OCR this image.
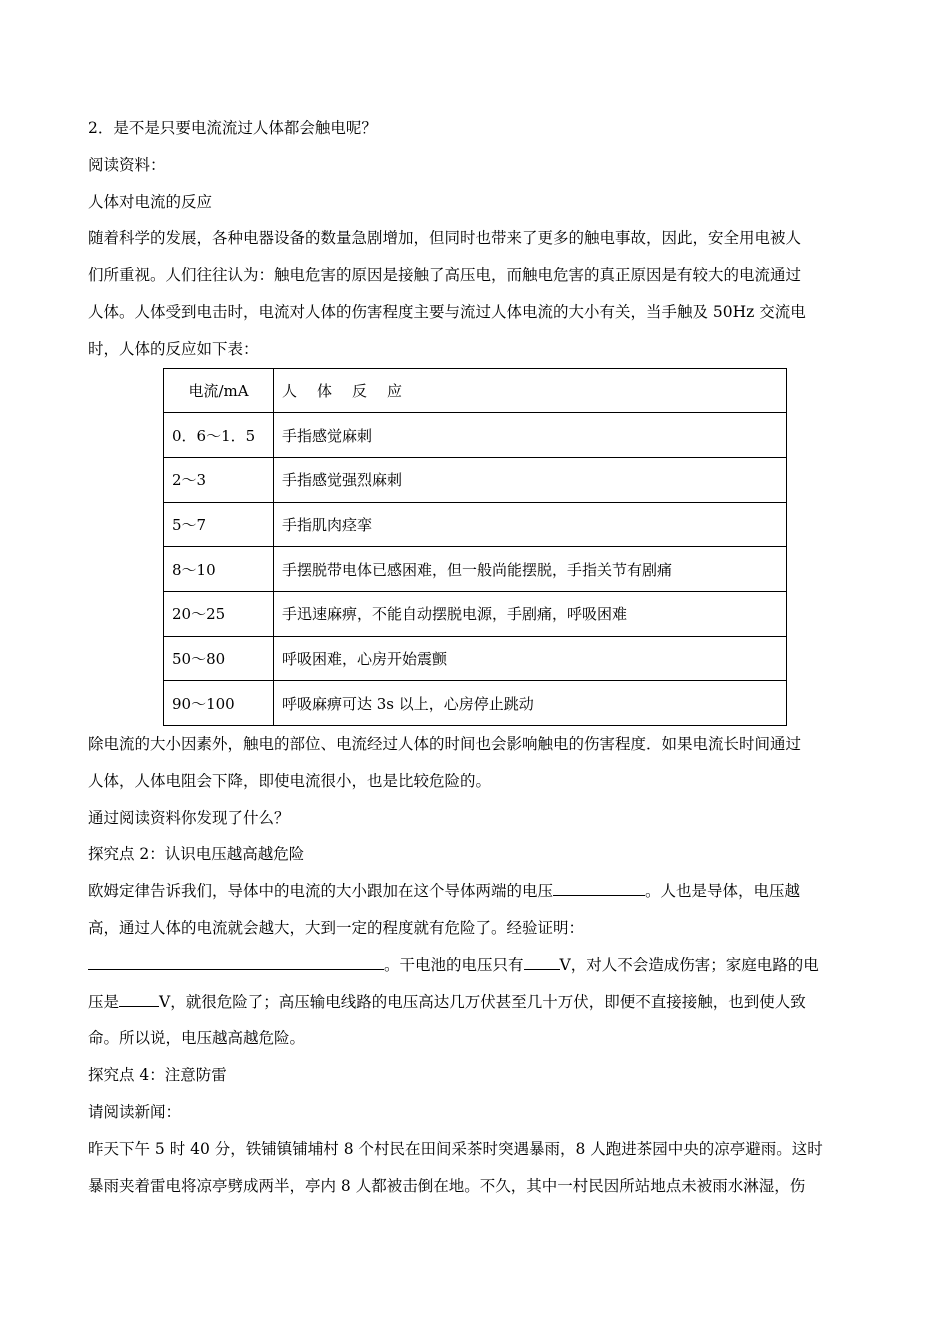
2．是不是只要电流流过人体都会触电呢？
阅读资料：
人体对电流的反应
随着科学的发展，各种电器设备的数量急剧增加，但同时也带来了更多的触电事故，因此，安全用电被人
们所重视。人们往往认为：触电危害的原因是接触了高压电，而触电危害的真正原因是有较大的电流通过
人体。人体受到电击时，电流对人体的伤害程度主要与流过人体电流的大小有关，当手触及 50Hz 交流电
时，人体的反应如下表：
电流/mA	人体反应
0．6～1．5	手指感觉麻刺
2～3	手指感觉强烈麻刺
5～7	手指肌肉痉挛
8～10	手摆脱带电体已感困难，但一般尚能摆脱，手指关节有剧痛
20～25	手迅速麻痹，不能自动摆脱电源，手剧痛，呼吸困难
50～80	呼吸困难，心房开始震颤
90～100	呼吸麻痹可达 3s 以上，心房停止跳动
除电流的大小因素外，触电的部位、电流经过人体的时间也会影响触电的伤害程度．如果电流长时间通过
人体，人体电阻会下降，即使电流很小，也是比较危险的。
通过阅读资料你发现了什么？
探究点 2：认识电压越高越危险
欧姆定律告诉我们，导体中的电流的大小跟加在这个导体两端的电压	。人也是导体，电压越
高，通过人体的电流就会越大，大到一定的程度就有危险了。经验证明：
。干电池的电压只有 V，对人不会造成伤害；家庭电路的电
压是	V，就很危险了；高压输电线路的电压高达几万伏甚至几十万伏，即便不直接接触，也到使人致
命。所以说，电压越高越危险。
探究点 4：注意防雷
请阅读新闻：
昨天下午 5 时 40 分，铁铺镇铺埔村 8 个村民在田间采茶时突遇暴雨，8 人跑进茶园中央的凉亭避雨。这时
暴雨夹着雷电将凉亭劈成两半，亭内 8 人都被击倒在地。不久，其中一村民因所站地点未被雨水淋湿，伤
